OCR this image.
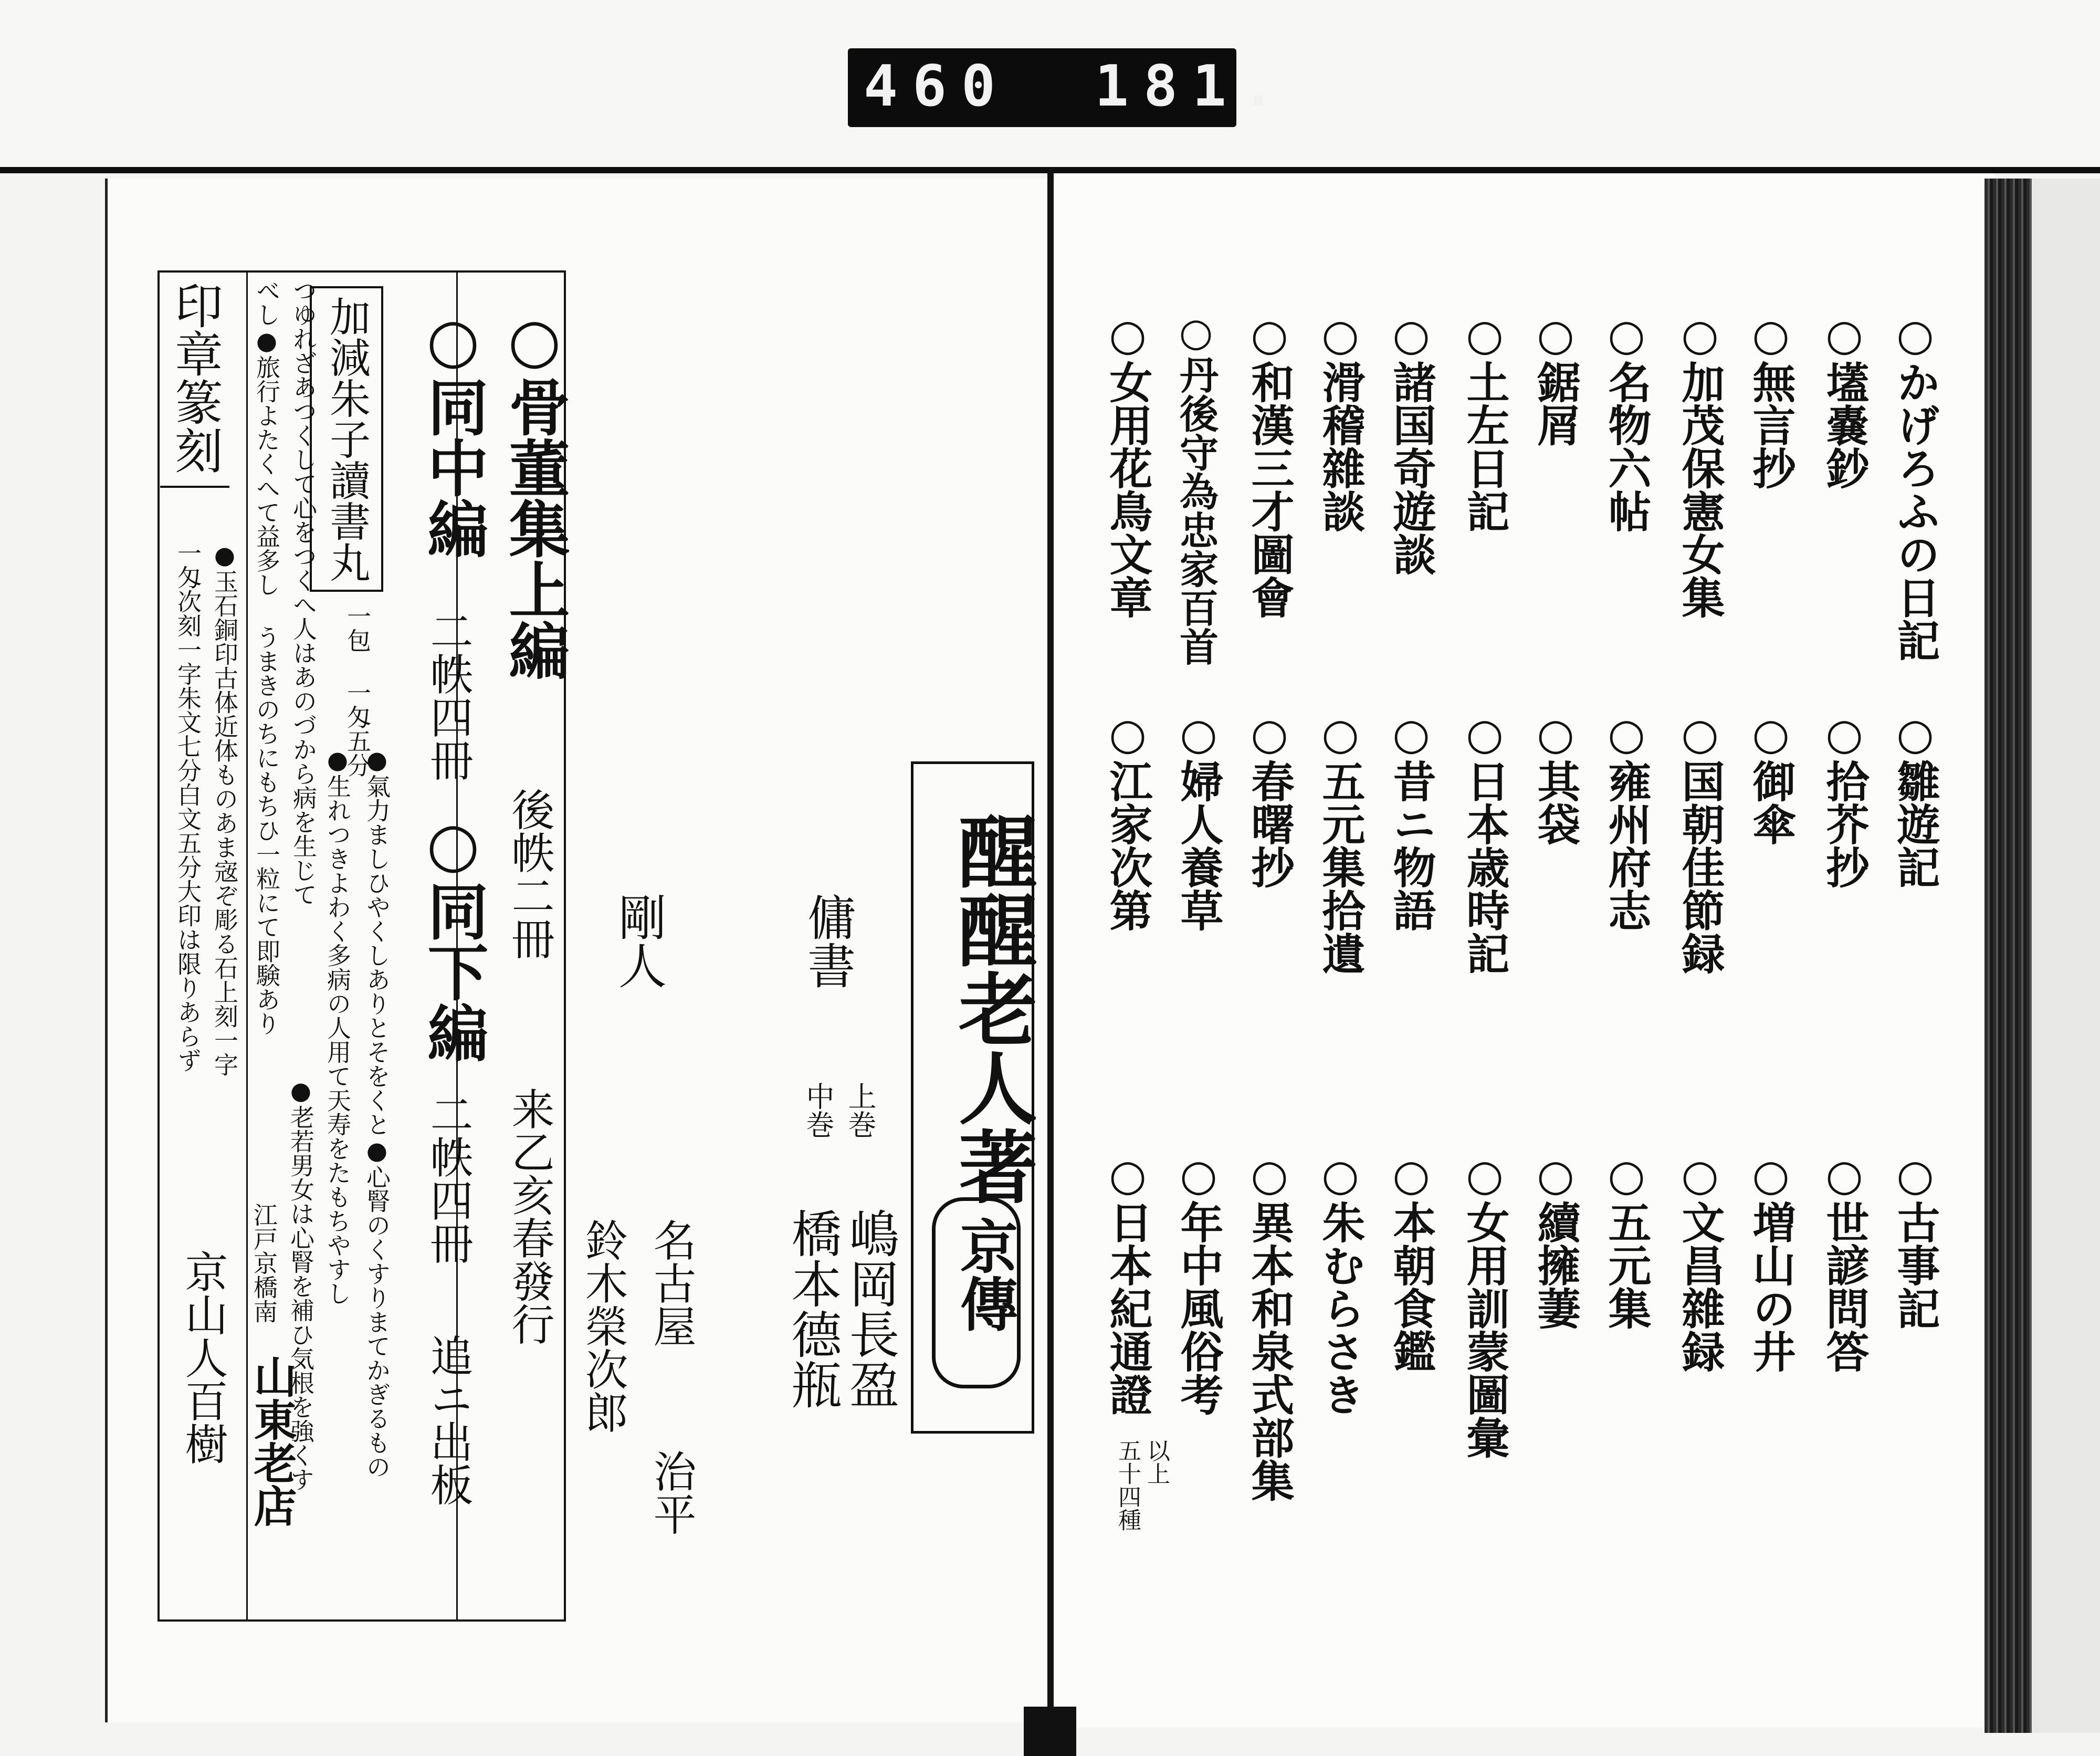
460 181.
印章篆刻
●玉石銅印古体近体ものあま宼ぞ彫る石上刻一字
一匁次刻一字朱文七分白文五分大印は限りあらず
京山人百樹
加減朱子讀書丸
一包 一匁五分
●氣力ましひやくしありとそをくと●心腎のくすりまてかぎるもの
●生れつきよわく多病の人用て天寿をたもちやすし
●老若男女は心腎を補ひ気根を強くす
つゆれざあつくして心をつくへ人はあのづから病を生じて
べし●旅行よたくへて益多し うまきのちにもちひ一粒にて即験あり
江戸京橋南
山東老店
○骨董集上編
後帙二冊
来乙亥春發行
○同中編
二帙四冊
○同下編
二帙四冊
追ニ出板
剛人
名古屋
治平
鈴木榮次郎
傭書
上巻
中巻
嶋岡長盈
橋本德瓶
醒醒老人著
京傳
○かげろふの日記
○壒嚢鈔
○無言抄
○加茂保憲女集
○名物六帖
○鋸屑
○土左日記
○諸国奇遊談
○滑稽雜談
○和漢三才圖會
○丹後守為忠家百首
○女用花鳥文章
○雛遊記
○拾芥抄
○御傘
○国朝佳節録
○雍州府志
○其袋
○日本歳時記
○昔ニ物語
○五元集拾遺
○春曙抄
○婦人養草
○江家次第
○古事記
○世諺問答
○増山の井
○文昌雜録
○五元集
○續擁萋
○女用訓蒙圖彙
○本朝食鑑
○朱むらさき
○異本和泉式部集
○年中風俗考
○日本紀通證
以上
五十四種
